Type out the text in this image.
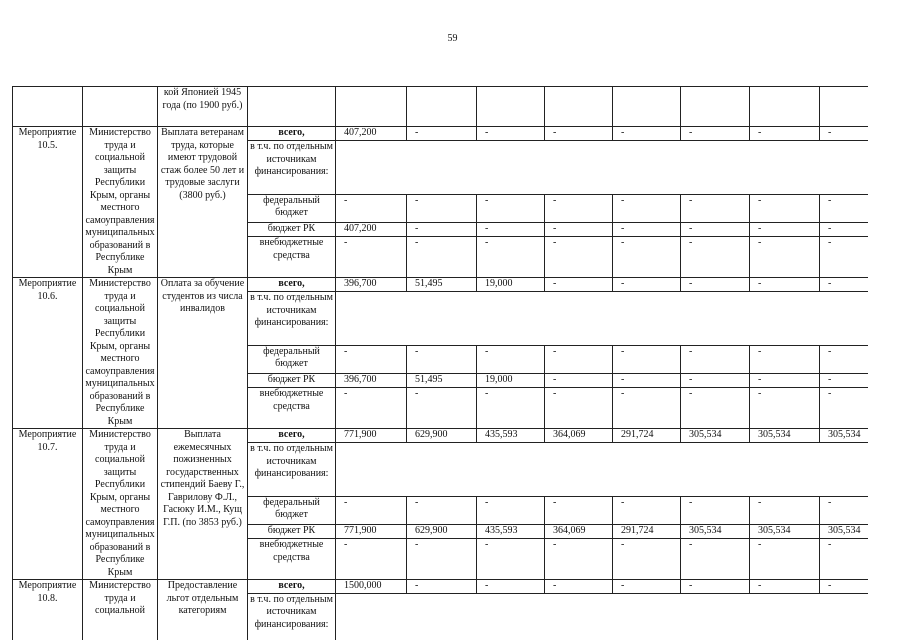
59
		кой Японией 1945 года (по 1900 руб.)									
Мероприятие 10.5.	Министерство труда и социальной защиты Республики Крым, органы местного самоуправления муниципальных образований в Республике Крым	Выплата ветеранам труда, которые имеют трудовой стаж более 50 лет и трудовые заслуги (3800 руб.)	всего,	407,200	-	-	-	-	-	-	-
			в т.ч. по отдельным источникам финансирования:								
			федеральный бюджет	-	-	-	-	-	-	-	-
			бюджет РК	407,200	-	-	-	-	-	-	-
			внебюджетные средства	-	-	-	-	-	-	-	-
Мероприятие 10.6.	Министерство труда и социальной защиты Республики Крым, органы местного самоуправления муниципальных образований в Республике Крым	Оплата за обучение студентов из числа инвалидов	всего,	396,700	51,495	19,000	-	-	-	-	-
			в т.ч. по отдельным источникам финансирования:								
			федеральный бюджет	-	-	-	-	-	-	-	-
			бюджет РК	396,700	51,495	19,000	-	-	-	-	-
			внебюджетные средства	-	-	-	-	-	-	-	-
Мероприятие 10.7.	Министерство труда и социальной защиты Республики Крым, органы местного самоуправления муниципальных образований в Республике Крым	Выплата ежемесячных пожизненных государственных стипендий Баеву Г., Гаврилову Ф.Л., Гасюку И.М., Кущ Г.П. (по 3853 руб.)	всего,	771,900	629,900	435,593	364,069	291,724	305,534	305,534	305,534
			в т.ч. по отдельным источникам финансирования:								
			федеральный бюджет	-	-	-	-	-	-	-	-
			бюджет РК	771,900	629,900	435,593	364,069	291,724	305,534	305,534	305,534
			внебюджетные средства	-	-	-	-	-	-	-	-
Мероприятие 10.8.	Министерство труда и социальной	Предоставление льгот отдельным категориям	всего,	1500,000	-	-	-	-	-	-	-
			в т.ч. по отдельным источникам финансирования:								
